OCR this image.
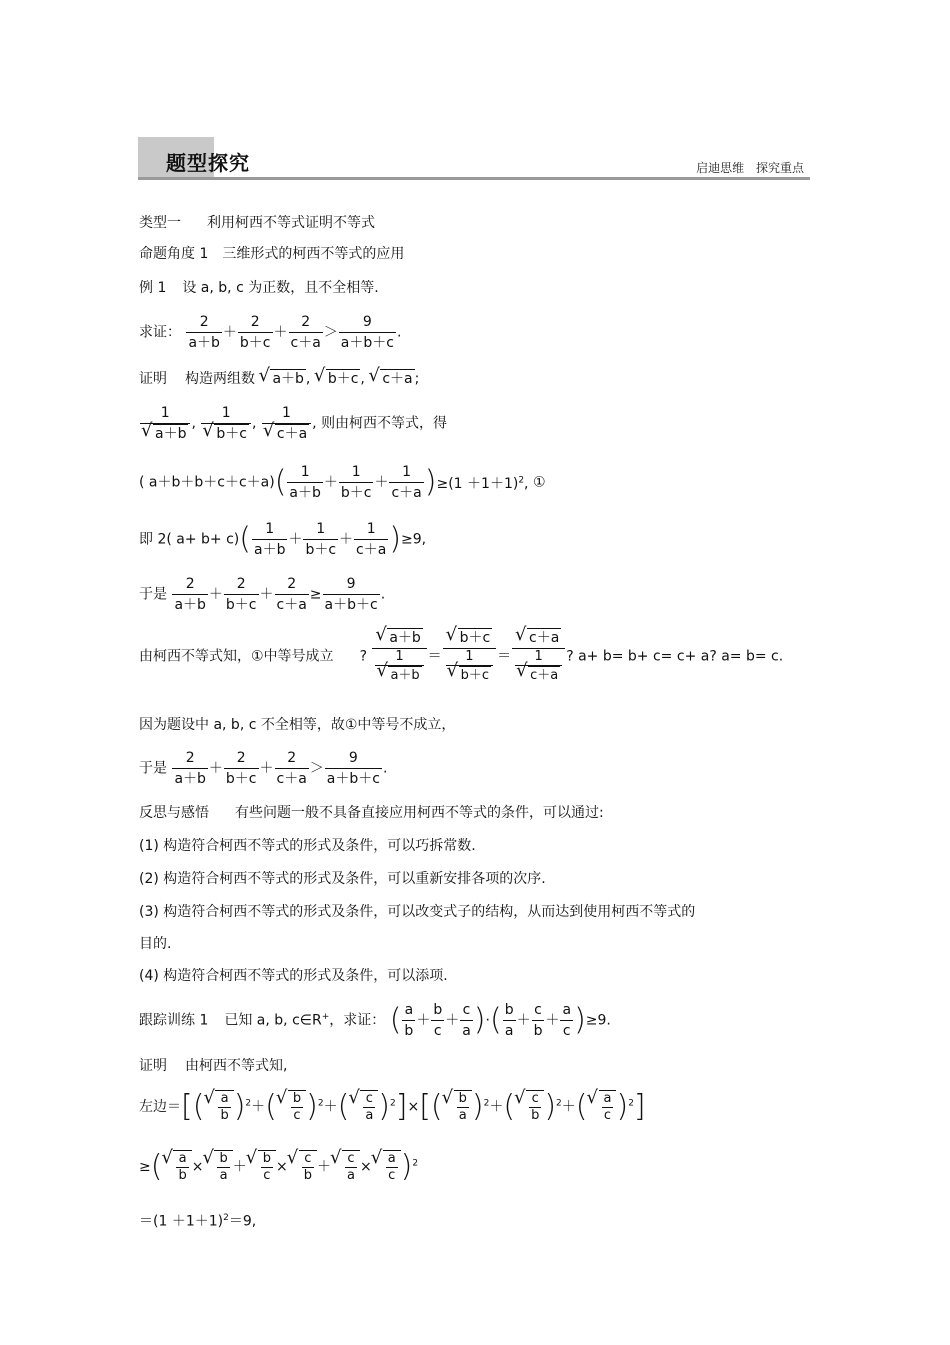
题型探究	启迪思维 探究重点
类型一 利用柯西不等式证明不等式
命题角度 1 三维形式的柯西不等式的应用
例 1 设 a, b, c 为正数，且不全相等.
求证： $\frac{2}{a+b} + \frac{2}{b+c} + \frac{2}{c+a} > \frac{9}{a+b+c}$ .
证明 构造两组数 √ a＋b , √ b＋c , √ c＋a ;
1
√ a＋b , 1
√ b＋c , 1
√ c＋a , 则由柯西不等式，得
( $a+b+b+c+c+a)( \frac{1}{a+b} + \frac{1}{b+c} + \frac{1}{c+a} )\ge(1 +1+1)^2$, ①
即 2( $a+ b+ c)( \frac{1}{a+b} + \frac{1}{b+c} + \frac{1}{c+a} )\ge 9$,
于是 $\frac{2}{a+b} + \frac{2}{b+c} + \frac{2}{c+a} \ge \frac{9}{a+b+c}$ .
由柯西不等式知，①中等号成立 ? √ a＋b
1
√ a＋b ＝ √ b＋c
1
√ b＋c ＝ √ c＋a
1
√ c＋a ? a+ b= b+ c= c+ a? a= b= c.
因为题设中 a, b, c 不全相等，故①中等号不成立，
于是 $\frac{2}{a+b} + \frac{2}{b+c} + \frac{2}{c+a} > \frac{9}{a+b+c}$ .
反思与感悟 有些问题一般不具备直接应用柯西不等式的条件，可以通过:
(1) 构造符合柯西不等式的形式及条件，可以巧拆常数.
(2) 构造符合柯西不等式的形式及条件，可以重新安排各项的次序.
(3) 构造符合柯西不等式的形式及条件，可以改变式子的结构，从而达到使用柯西不等式的
目的.
(4) 构造符合柯西不等式的形式及条件，可以添项.
跟踪训练 1 已知 a, b, c∈R+，求证： ( $\frac{a}{b} + \frac{b}{c} + \frac{c}{a}$ )·( $\frac{b}{a} + \frac{c}{b} + \frac{a}{c} )\ge 9$.
证明 由柯西不等式知,
左边＝[( √ $\frac{a}{b} )^2+$( √ $\frac{b}{c} )^2+$( √ $\frac{c}{a} )^2]\times$[( √ $\frac{b}{a} )^2+$( √ $\frac{c}{b} )^2+$( √ $\frac{a}{c} )^2$]
≥( √ $\frac{a}{b}$ × √ $\frac{b}{a}$ ＋ √ $\frac{b}{c}$ × √ $\frac{c}{b}$ ＋ √ $\frac{c}{a}$ × √ $\frac{a}{c} )^2$
$=(1 +1+1)^2=9$,
